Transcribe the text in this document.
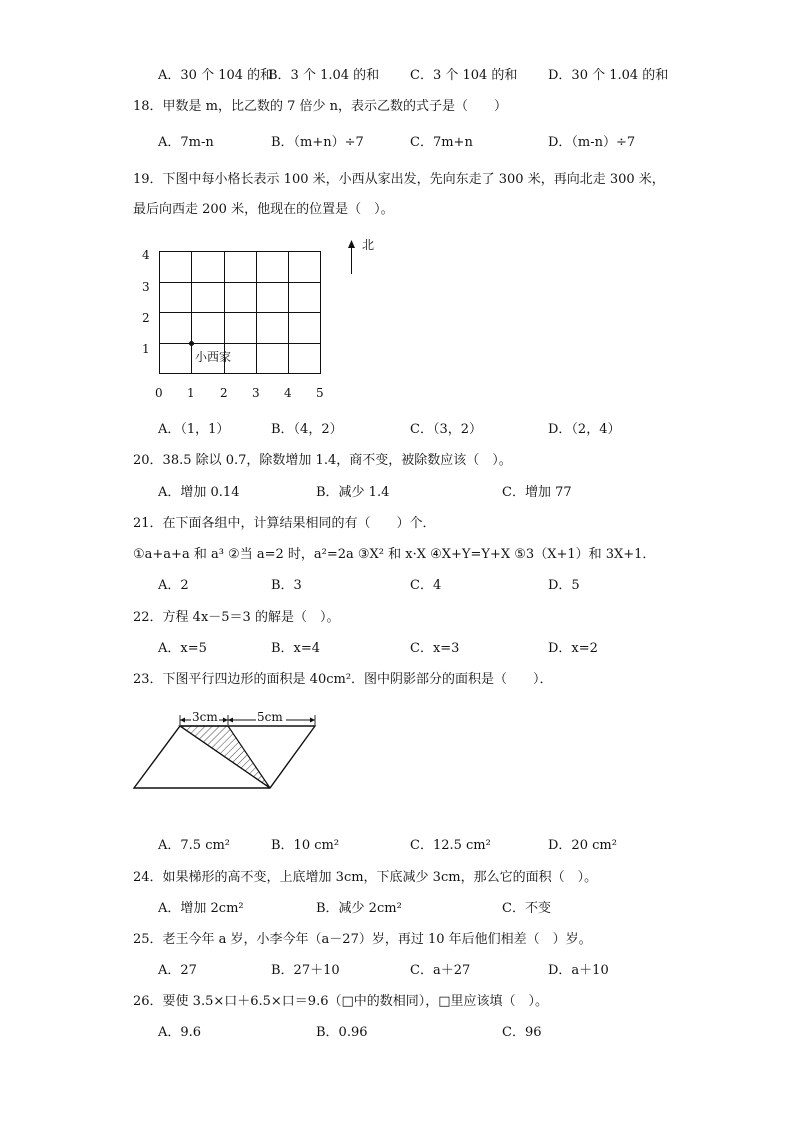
A．30 个 104 的和
B．3 个 1.04 的和 C．3 个 104 的和 D．30 个 1.04 的和
18．甲数是 m，比乙数的 7 倍少 n，表示乙数的式子是（　　）
A．7m-n	B．（m+n）÷7	C．7m+n	D．（m-n）÷7
19．下图中每小格长表示 100 米，小西从家出发，先向东走了 300 米，再向北走 300 米，
最后向西走 200 米，他现在的位置是（　）。
4
3
2
1
0 1 2 3 4 5
小西家
北
A．（1，1）	B．（4，2）	C．（3，2）	D．（2，4）
20．38.5 除以 0.7，除数增加 1.4，商不变，被除数应该（　）。
A．增加 0.14	B．减少 1.4	C．增加 77
21．在下面各组中，计算结果相同的有（　　）个．
①a+a+a 和 a³ ②当 a=2 时，a²=2a ③X² 和 x·X ④X+Y=Y+X ⑤3（X+1）和 3X+1．
A．2	B．3	C．4	D．5
22．方程 4x－5＝3 的解是（　）。
A．x=5	B．x=4	C．x=3	D．x=2
23．下图平行四边形的面积是 40cm²．图中阴影部分的面积是（　　）．
3cm	5cm
A．7.5 cm²	B．10 cm²	C．12.5 cm²	D．20 cm²
24．如果梯形的高不变，上底增加 3cm，下底减少 3cm，那么它的面积（　）。
A．增加 2cm²	B．减少 2cm²	C．不变
25．老王今年 a 岁，小李今年（a－27）岁，再过 10 年后他们相差（　）岁。
A．27	B．27＋10	C．a＋27	D．a＋10
26．要使 3.5×口＋6.5×口＝9.6（□中的数相同），□里应该填（　）。
A．9.6	B．0.96	C．96
